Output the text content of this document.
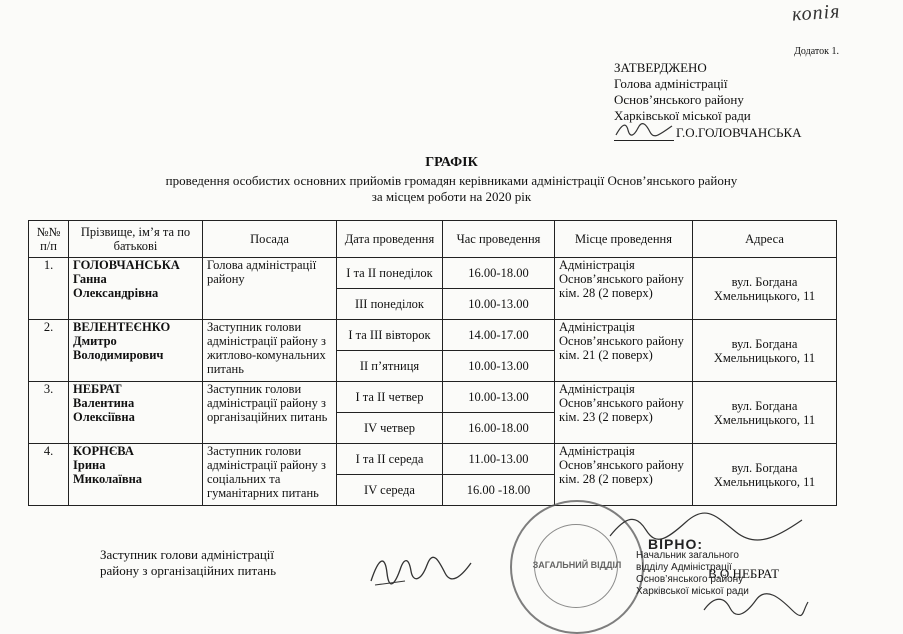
копія
Додаток 1.
ЗАТВЕРДЖЕНО
Голова адміністрації
Основ’янського району
Харківської міської ради
Г.О.ГОЛОВЧАНСЬКА
ГРАФІК
проведення особистих основних прийомів громадян керівниками адміністрації Основ’янського району
за місцем роботи на 2020 рік
№№ п/п	Прізвище, ім’я та по батькові	Посада	Дата проведення	Час проведення	Місце проведення	Адреса
1.	ГОЛОВЧАНСЬКА
Ганна
Олександрівна	Голова адміністрації району	І та ІІ понеділок	16.00-18.00	Адміністрація Основ’янського району кім. 28 (2 поверх)	вул. Богдана Хмельницького, 11
			ІІІ понеділок	10.00-13.00		
2.	ВЕЛЕНТЕЄНКО
Дмитро
Володимирович	Заступник голови адміністрації району з житлово-комунальних питань	І та ІІІ вівторок	14.00-17.00	Адміністрація Основ’янського району кім. 21 (2 поверх)	вул. Богдана Хмельницького, 11
			ІІ п’ятниця	10.00-13.00		
3.	НЕБРАТ
Валентина
Олексіївна	Заступник голови адміністрації району з організаційних питань	І та ІІ четвер	10.00-13.00	Адміністрація Основ’янського району кім. 23 (2 поверх)	вул. Богдана Хмельницького, 11
			IV четвер	16.00-18.00		
4.	КОРНЄВА
Ірина
Миколаївна	Заступник голови адміністрації району з соціальних та гуманітарних питань	І та ІІ середа	11.00-13.00	Адміністрація Основ’янського району кім. 28 (2 поверх)	вул. Богдана Хмельницького, 11
			IV середа	16.00 -18.00		
Заступник голови адміністрації
району з організаційних питань	ЗАГАЛЬНИЙ ВІДДІЛ
ВІРНО:
Начальник загального
відділу Адміністрації
Основ’янського району
Харківської міської ради
В.О.НЕБРАТ
